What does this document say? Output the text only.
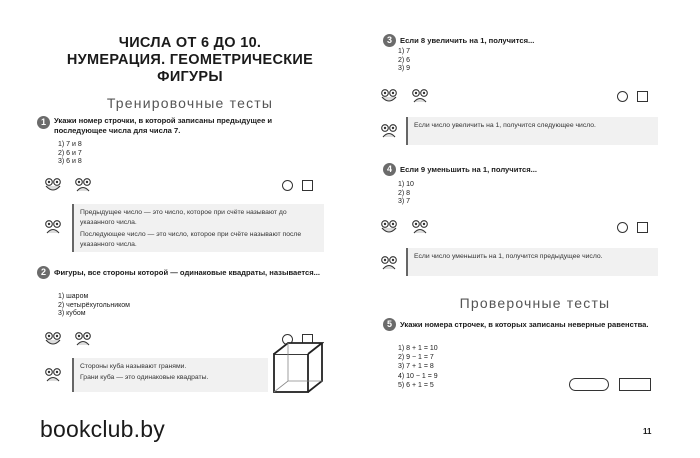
ЧИСЛА ОТ 6 ДО 10.
НУМЕРАЦИЯ. ГЕОМЕТРИЧЕСКИЕ
ФИГУРЫ
Тренировочные тесты
1	Укажи номер строчки, в которой записаны предыдущее и последующее числа для числа 7.
1) 7 и 8
2) 6 и 7
3) 6 и 8

Предыдущее число — это число, которое при счёте называют до указанного числа.

Последующее число — это число, которое при счёте называют после указанного числа.

2	Фигуры, все стороны которой — одинаковые квадраты, называется...
1) шаром
2) четырёхугольником
3) кубом

Стороны куба называют гранями.

Грани куба — это одинаковые квадраты.

bookclub.by
3	Если 8 увеличить на 1, получится...
1) 7
2) 6
3) 9

Если число увеличить на 1, получится следующее число.

4	Если 9 уменьшить на 1, получится...
1) 10
2) 8
3) 7

Если число уменьшить на 1, получится предыдущее число.

Проверочные тесты
5	Укажи номера строчек, в которых записаны неверные равенства.
1) 8 + 1 = 10
2) 9 − 1 = 7
3) 7 + 1 = 8
4) 10 − 1 = 9
5) 6 + 1 = 5
11
